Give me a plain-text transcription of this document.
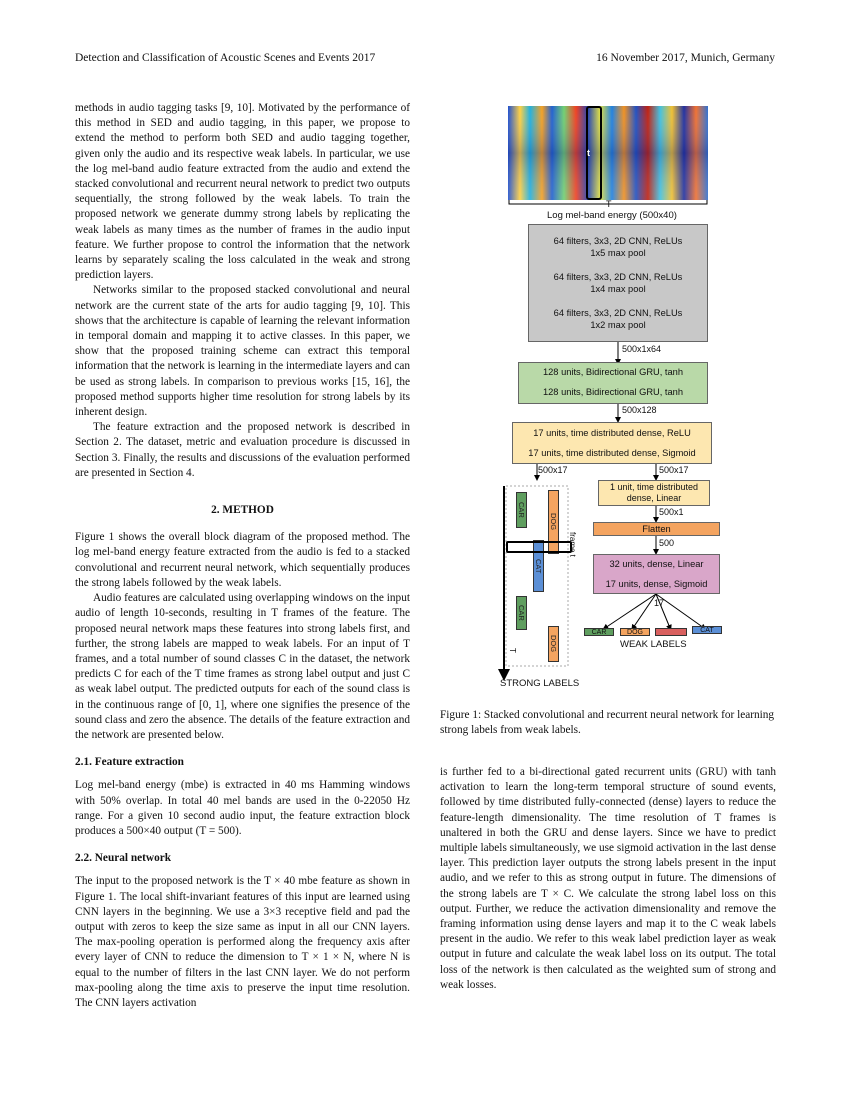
Detection and Classification of Acoustic Scenes and Events 2017	16 November 2017, Munich, Germany

methods in audio tagging tasks [9, 10]. Motivated by the performance of this method in SED and audio tagging, in this paper, we propose to extend the method to perform both SED and audio tagging together, given only the audio and its respective weak labels. In particular, we use the log mel-band audio feature extracted from the audio and extend the stacked convolutional and recurrent neural network to predict two outputs sequentially, the strong followed by the weak labels. To train the proposed network we generate dummy strong labels by replicating the weak labels as many times as the number of frames in the audio input feature. We further propose to control the information that the network learns by separately scaling the loss calculated in the weak and strong prediction layers.

Networks similar to the proposed stacked convolutional and neural network are the current state of the arts for audio tagging [9, 10]. This shows that the architecture is capable of learning the relevant information in temporal domain and mapping it to active classes. In this paper, we show that the proposed training scheme can extract this temporal information that the network is learning in the intermediate layers and can be used as strong labels. In comparison to previous works [15, 16], the proposed method supports higher time resolution for strong labels by its inherent design.

The feature extraction and the proposed network is described in Section 2. The dataset, metric and evaluation procedure is discussed in Section 3. Finally, the results and discussions of the evaluation performed are presented in Section 4.

2. METHOD

Figure 1 shows the overall block diagram of the proposed method. The log mel-band energy feature extracted from the audio is fed to a stacked convolutional and recurrent neural network, which sequentially produces the strong labels followed by the weak labels.

Audio features are calculated using overlapping windows on the input audio of length 10-seconds, resulting in T frames of the feature. The proposed neural network maps these features into strong labels first, and further, the strong labels are mapped to weak labels. For an input of T frames, and a total number of sound classes C in the dataset, the network predicts C for each of the T time frames as strong label output and just C as weak label output. The predicted outputs for each of the sound class is in the continuous range of [0, 1], where one signifies the presence of the sound class and zero the absence. The details of the feature extraction and the network are presented below.

2.1. Feature extraction

Log mel-band energy (mbe) is extracted in 40 ms Hamming windows with 50% overlap. In total 40 mel bands are used in the 0-22050 Hz range. For a given 10 second audio input, the feature extraction block produces a 500×40 output (T = 500).

2.2. Neural network

The input to the proposed network is the T × 40 mbe feature as shown in Figure 1. The local shift-invariant features of this input are learned using CNN layers in the beginning. We use a 3×3 receptive field and pad the output with zeros to keep the size same as input in all our CNN layers. The max-pooling operation is performed along the frequency axis after every layer of CNN to reduce the dimension to T × 1 × N, where N is equal to the number of filters in the last CNN layer. We do not perform max-pooling along the time axis to preserve the input time resolution. The CNN layers activation

t
T
Log mel-band energy (500x40)
64 filters, 3x3, 2D CNN, ReLUs
1x5 max pool
64 filters, 3x3, 2D CNN, ReLUs
1x4 max pool
64 filters, 3x3, 2D CNN, ReLUs
1x2 max pool
500x1x64
128 units, Bidirectional GRU, tanh
128 units, Bidirectional GRU, tanh
500x128
17 units, time distributed dense, ReLU
17 units, time distributed dense, Sigmoid
500x17	500x17
1 unit, time distributed dense, Linear
500x1
Flatten
500
32 units, dense, Linear
17 units, dense, Sigmoid
17
CAR	DOG	CAT
WEAK LABELS
CAR
DOG
CAT
CAR
DOG
frame t
T
STRONG LABELS
Figure 1: Stacked convolutional and recurrent neural network for learning strong labels from weak labels.

is further fed to a bi-directional gated recurrent units (GRU) with tanh activation to learn the long-term temporal structure of sound events, followed by time distributed fully-connected (dense) layers to reduce the feature-length dimensionality. The time resolution of T frames is unaltered in both the GRU and dense layers. Since we have to predict multiple labels simultaneously, we use sigmoid activation in the last dense layer. This prediction layer outputs the strong labels present in the input audio, and we refer to this as strong output in future. The dimensions of the strong labels are T × C. We calculate the strong label loss on this output. Further, we reduce the activation dimensionality and remove the framing information using dense layers and map it to the C weak labels present in the audio. We refer to this weak label prediction layer as weak output in future and calculate the weak label loss on its output. The total loss of the network is then calculated as the weighted sum of strong and weak losses.
